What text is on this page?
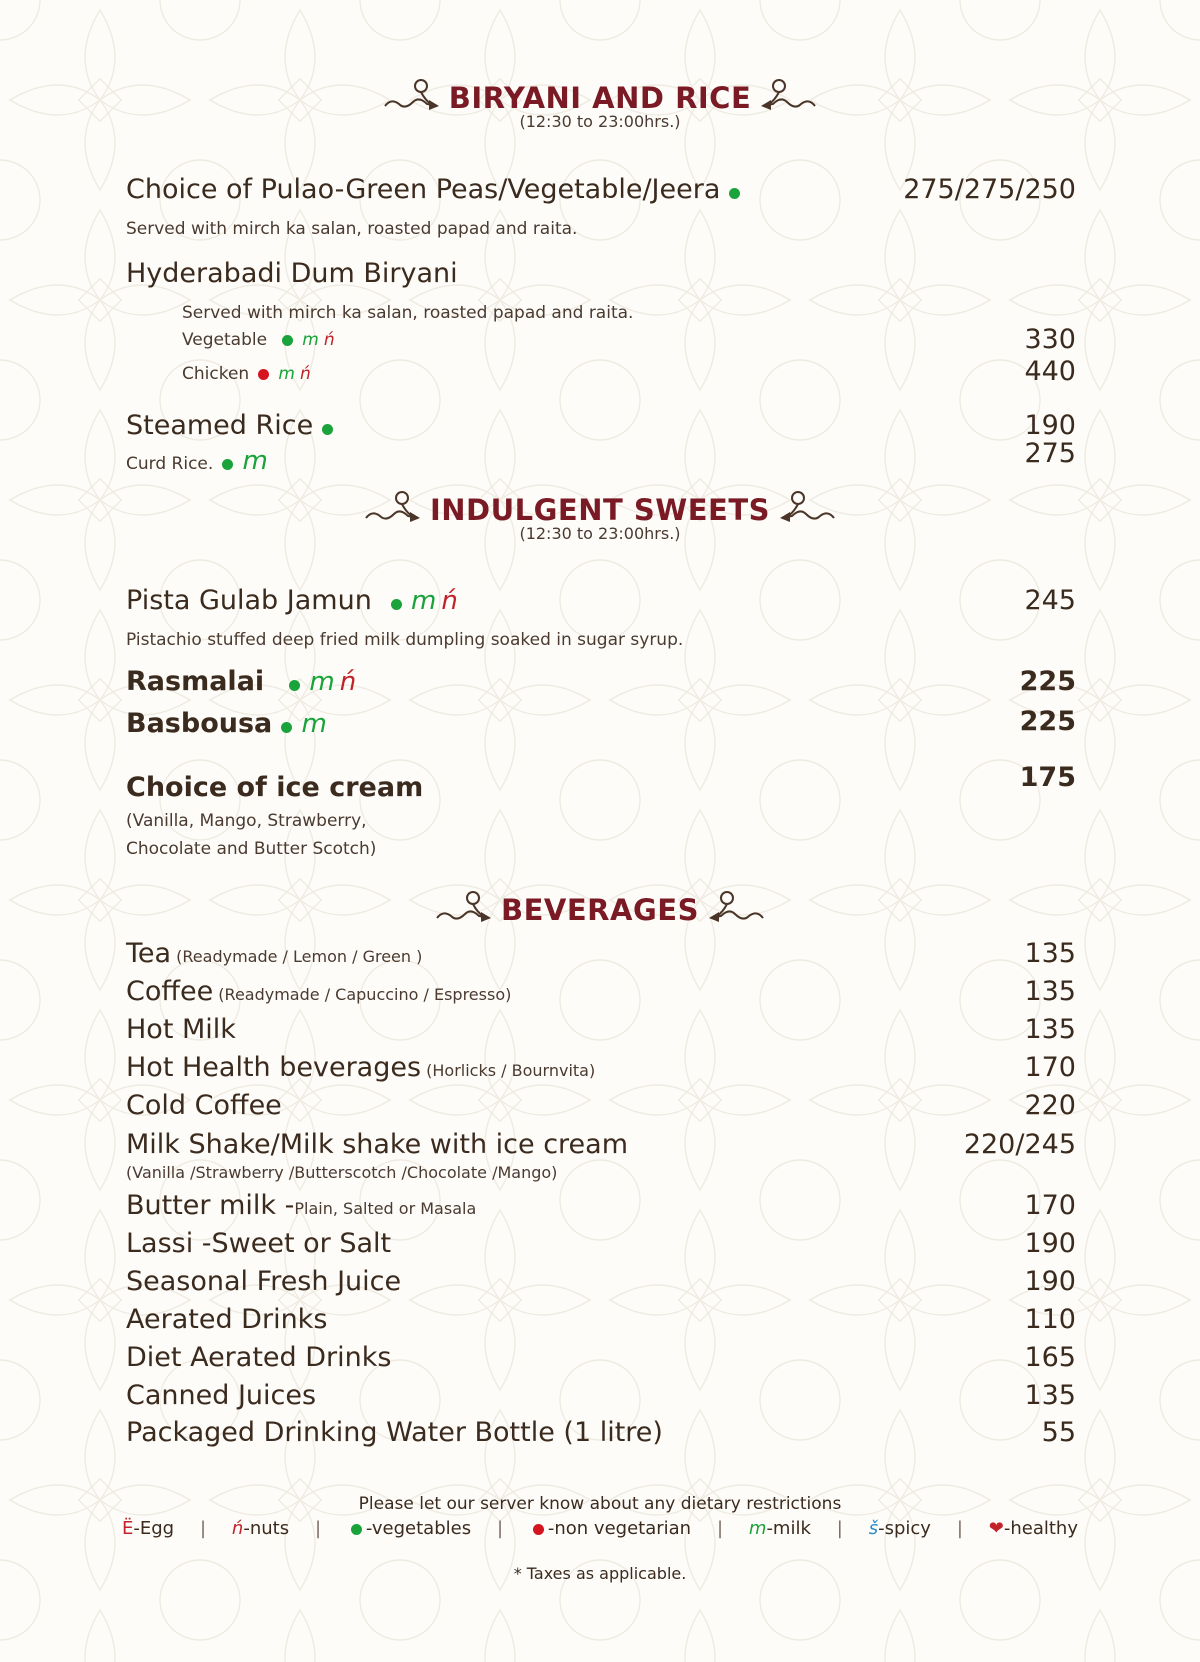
BIRYANI AND RICE
(12:30 to 23:00hrs.)
Choice of Pulao-Green Peas/Vegetable/Jeera	275/275/250
Served with mirch ka salan, roasted papad and raita.
Hyderabadi Dum Biryani
Served with mirch ka salan, roasted papad and raita.
Vegetable m ń	330
Chicken m ń	440
Steamed Rice	190
Curd Rice. m	275
INDULGENT SWEETS
(12:30 to 23:00hrs.)
Pista Gulab Jamun m ń	245
Pistachio stuffed deep fried milk dumpling soaked in sugar syrup.
Rasmalai m ń	225
Basbousa m	225
Choice of ice cream	175
(Vanilla, Mango, Strawberry,
Chocolate and Butter Scotch)
BEVERAGES
Tea (Readymade / Lemon / Green )	135
Coffee (Readymade / Capuccino / Espresso)	135
Hot Milk	135
Hot Health beverages (Horlicks / Bournvita)	170
Cold Coffee	220
Milk Shake/Milk shake with ice cream	220/245
(Vanilla /Strawberry /Butterscotch /Chocolate /Mango)
Butter milk -Plain, Salted or Masala	170
Lassi -Sweet or Salt	190
Seasonal Fresh Juice	190
Aerated Drinks	110
Diet Aerated Drinks	165
Canned Juices	135
Packaged Drinking Water Bottle (1 litre)	55
Please let our server know about any dietary restrictions
Ë-Egg | ń-nuts |	-vegetables |	-non vegetarian | m-milk | š-spicy | ❤-healthy
* Taxes as applicable.
